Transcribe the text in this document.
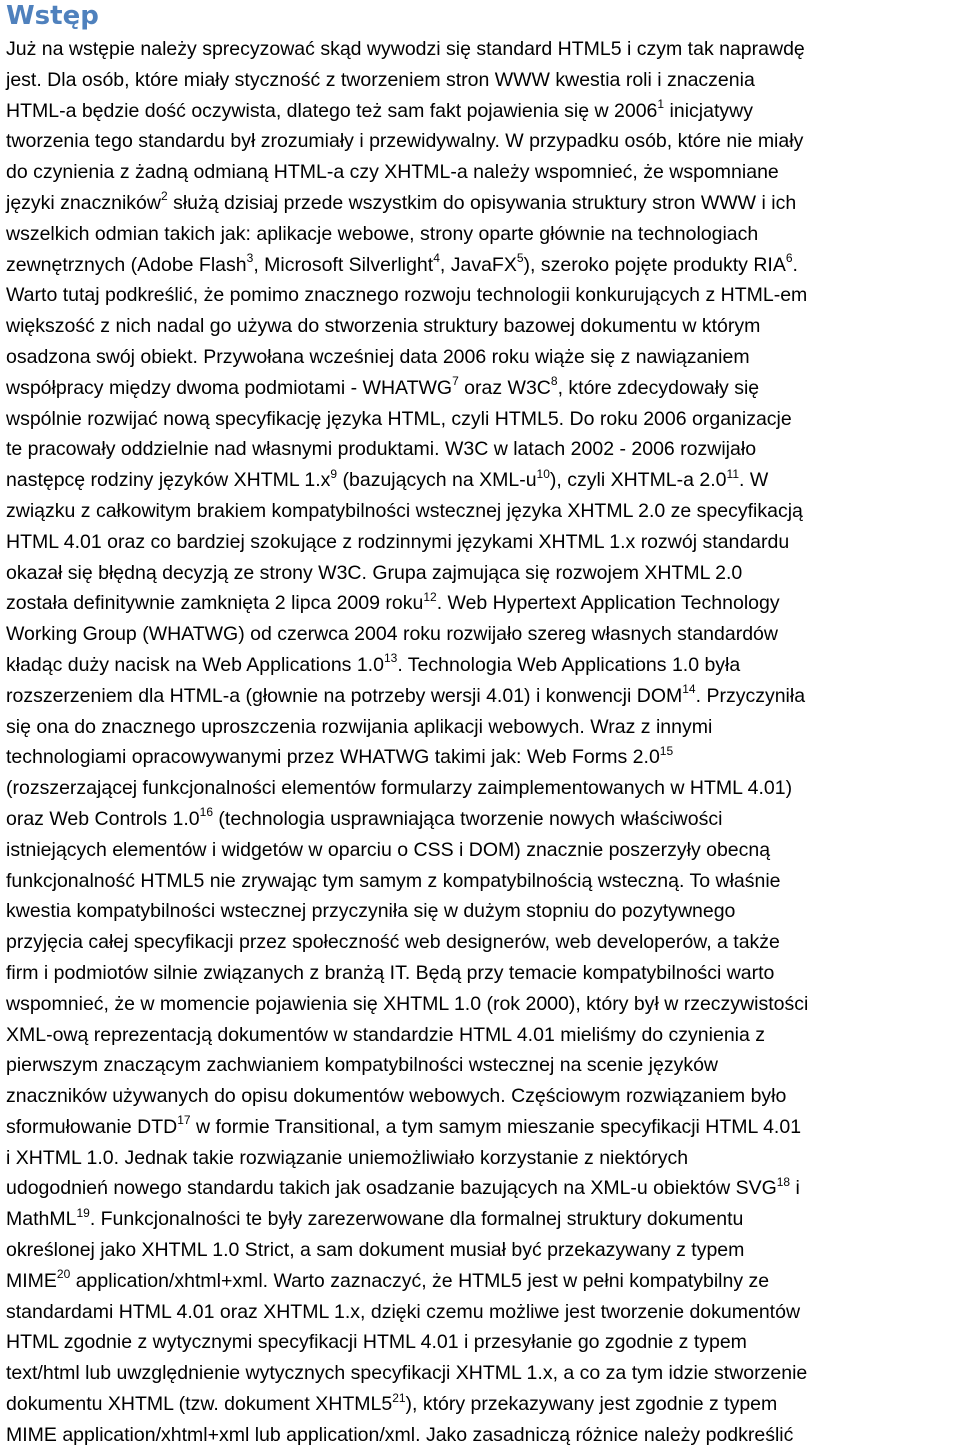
Wstęp
Już na wstępie należy sprecyzować skąd wywodzi się standard HTML5 i czym tak naprawdę
jest. Dla osób, które miały styczność z tworzeniem stron WWW kwestia roli i znaczenia
HTML-a będzie dość oczywista, dlatego też sam fakt pojawienia się w 2006$^1$ inicjatywy
tworzenia tego standardu był zrozumiały i przewidywalny. W przypadku osób, które nie miały
do czynienia z żadną odmianą HTML-a czy XHTML-a należy wspomnieć, że wspomniane
języki znaczników$^2$ służą dzisiaj przede wszystkim do opisywania struktury stron WWW i ich
wszelkich odmian takich jak: aplikacje webowe, strony oparte głównie na technologiach
zewnętrznych (Adobe Flash$^3$, Microsoft Silverlight$^4$, JavaFX$^5$), szeroko pojęte produkty RIA$^6$.
Warto tutaj podkreślić, że pomimo znacznego rozwoju technologii konkurujących z HTML-em
większość z nich nadal go używa do stworzenia struktury bazowej dokumentu w którym
osadzona swój obiekt. Przywołana wcześniej data 2006 roku wiąże się z nawiązaniem
współpracy między dwoma podmiotami - WHATWG$^7$ oraz $W3C^8$, które zdecydowały się
wspólnie rozwijać nową specyfikację języka HTML, czyli HTML5. Do roku 2006 organizacje
te pracowały oddzielnie nad własnymi produktami. W3C w latach 2002 - 2006 rozwijało
następcę rodziny języków XHTML $1.x^9$ (bazujących na XML-$u^{10}$), czyli XHTML-a $2.0^{11}$. W
związku z całkowitym brakiem kompatybilności wstecznej języka XHTML 2.0 ze specyfikacją
HTML 4.01 oraz co bardziej szokujące z rodzinnymi językami XHTML 1.x rozwój standardu
okazał się błędną decyzją ze strony W3C. Grupa zajmująca się rozwojem XHTML 2.0
została definitywnie zamknięta 2 lipca 2009 roku$^{12}$. Web Hypertext Application Technology
Working Group (WHATWG) od czerwca 2004 roku rozwijało szereg własnych standardów
kładąc duży nacisk na Web Applications $1.0^{13}$. Technologia Web Applications 1.0 była
rozszerzeniem dla HTML-a (głownie na potrzeby wersji 4.01) i konwencji DOM$^{14}$. Przyczyniła
się ona do znacznego uproszczenia rozwijania aplikacji webowych. Wraz z innymi
technologiami opracowywanymi przez WHATWG takimi jak: Web Forms $2.0^{15}$
(rozszerzającej funkcjonalności elementów formularzy zaimplementowanych w HTML 4.01)
oraz Web Controls $1.0^{16}$ (technologia usprawniająca tworzenie nowych właściwości
istniejących elementów i widgetów w oparciu o CSS i DOM) znacznie poszerzyły obecną
funkcjonalność HTML5 nie zrywając tym samym z kompatybilnością wsteczną. To właśnie
kwestia kompatybilności wstecznej przyczyniła się w dużym stopniu do pozytywnego
przyjęcia całej specyfikacji przez społeczność web designerów, web developerów, a także
firm i podmiotów silnie związanych z branżą IT. Będą przy temacie kompatybilności warto
wspomnieć, że w momencie pojawienia się XHTML 1.0 (rok 2000), który był w rzeczywistości
XML-ową reprezentacją dokumentów w standardzie HTML 4.01 mieliśmy do czynienia z
pierwszym znaczącym zachwianiem kompatybilności wstecznej na scenie języków
znaczników używanych do opisu dokumentów webowych. Częściowym rozwiązaniem było
sformułowanie DTD$^{17}$ w formie Transitional, a tym samym mieszanie specyfikacji HTML 4.01
i XHTML 1.0. Jednak takie rozwiązanie uniemożliwiało korzystanie z niektórych
udogodnień nowego standardu takich jak osadzanie bazujących na XML-u obiektów SVG$^{18}$ i
MathML$^{19}$. Funkcjonalności te były zarezerwowane dla formalnej struktury dokumentu
określonej jako XHTML 1.0 Strict, a sam dokument musiał być przekazywany z typem
MIME$^{20}$ application/xhtml+xml. Warto zaznaczyć, że HTML5 jest w pełni kompatybilny ze
standardami HTML 4.01 oraz XHTML 1.x, dzięki czemu możliwe jest tworzenie dokumentów
HTML zgodnie z wytycznymi specyfikacji HTML 4.01 i przesyłanie go zgodnie z typem
text/html lub uwzględnienie wytycznych specyfikacji XHTML 1.x, a co za tym idzie stworzenie
dokumentu XHTML (tzw. dokument $XHTML5^{21}$), który przekazywany jest zgodnie z typem
MIME application/xhtml+xml lub application/xml. Jako zasadniczą różnice należy podkreślić
